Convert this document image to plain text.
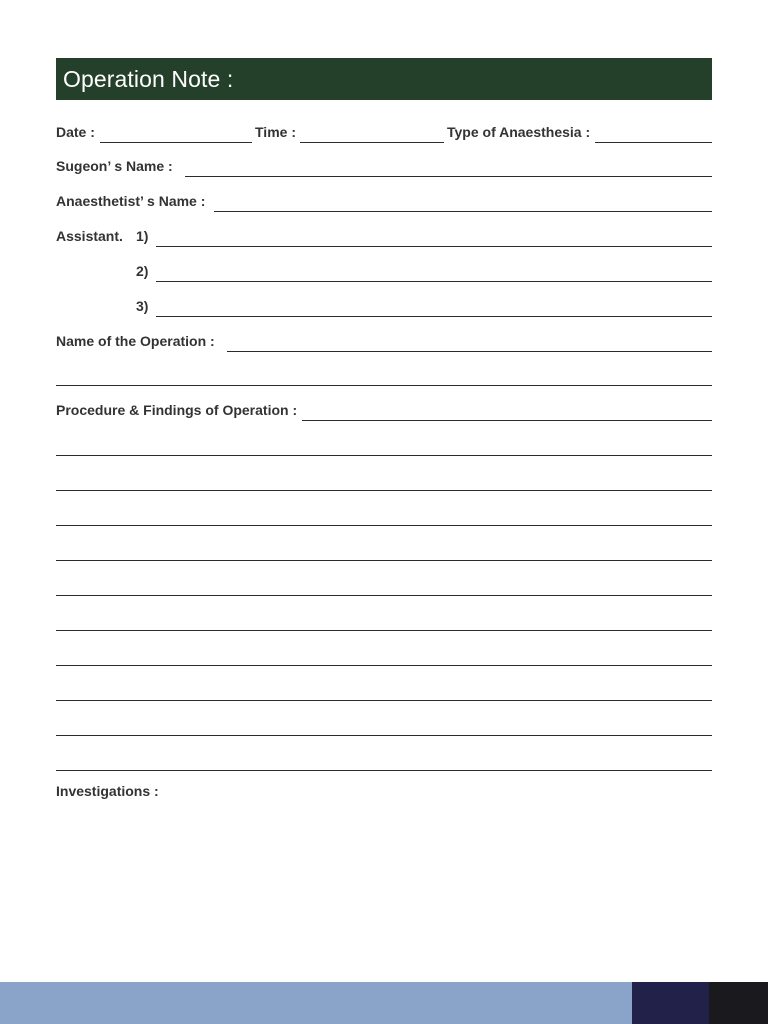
Operation Note :
Date :	Time :	Type of Anaesthesia :
Sugeon’ s Name :
Anaesthetist’ s Name :
Assistant. 1)
2)
3)
Name of the Operation :
Procedure & Findings of Operation :
Investigations :
